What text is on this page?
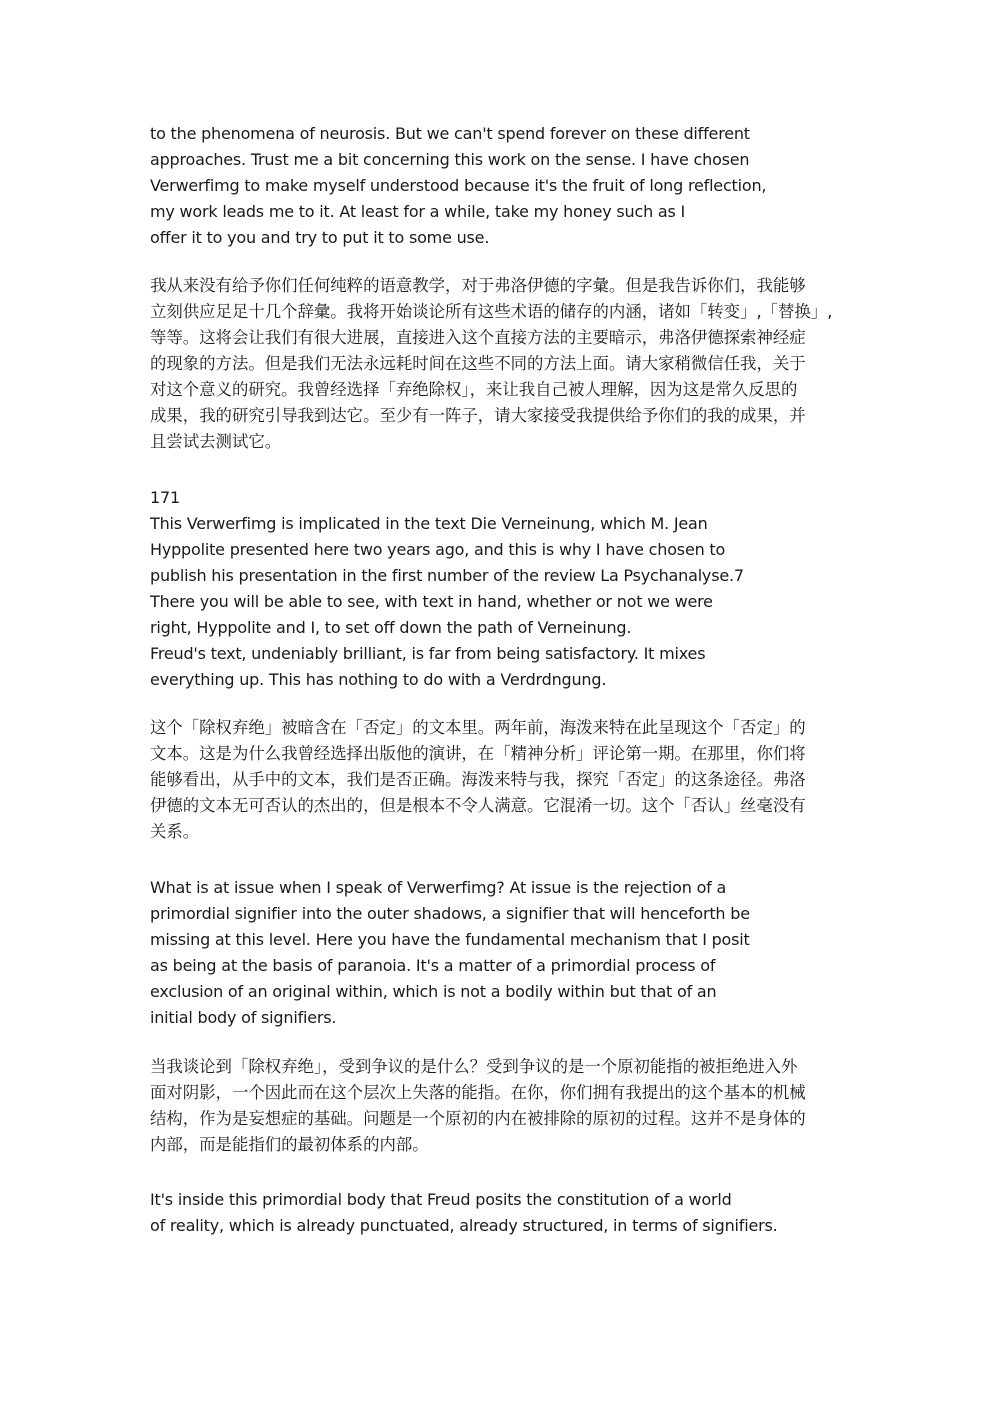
to the phenomena of neurosis. But we can't spend forever on these different
approaches. Trust me a bit concerning this work on the sense. I have chosen
Verwerfimg to make myself understood because it's the fruit of long reflection,
my work leads me to it. At least for a while, take my honey such as I
offer it to you and try to put it to some use.
我从来没有给予你们任何纯粹的语意教学，对于弗洛伊德的字彙。但是我告诉你们，我能够
立刻供应足足十几个辞彙。我将开始谈论所有这些术语的储存的内涵，诸如「转变」,「替换」,
等等。这将会让我们有很大进展，直接进入这个直接方法的主要暗示，弗洛伊德探索神经症
的现象的方法。但是我们无法永远耗时间在这些不同的方法上面。请大家稍微信任我，关于
对这个意义的研究。我曾经选择「弃绝除权」，来让我自己被人理解，因为这是常久反思的
成果，我的研究引导我到达它。至少有一阵子，请大家接受我提供给予你们的我的成果，并
且尝试去测试它。
171
This Verwerfimg is implicated in the text Die Verneinung, which M. Jean
Hyppolite presented here two years ago, and this is why I have chosen to
publish his presentation in the first number of the review La Psychanalyse.7
There you will be able to see, with text in hand, whether or not we were
right, Hyppolite and I, to set off down the path of Verneinung.
Freud's text, undeniably brilliant, is far from being satisfactory. It mixes
everything up. This has nothing to do with a Verdrdngung.
这个「除权弃绝」被暗含在「否定」的文本里。两年前，海泼来特在此呈现这个「否定」的
文本。这是为什么我曾经选择出版他的演讲，在「精神分析」评论第一期。在那里，你们将
能够看出，从手中的文本，我们是否正确。海泼来特与我，探究「否定」的这条途径。弗洛
伊德的文本无可否认的杰出的，但是根本不令人满意。它混淆一切。这个「否认」丝毫没有
关系。
What is at issue when I speak of Verwerfimg? At issue is the rejection of a
primordial signifier into the outer shadows, a signifier that will henceforth be
missing at this level. Here you have the fundamental mechanism that I posit
as being at the basis of paranoia. It's a matter of a primordial process of
exclusion of an original within, which is not a bodily within but that of an
initial body of signifiers.
当我谈论到「除权弃绝」，受到争议的是什么？受到争议的是一个原初能指的被拒绝进入外
面对阴影，一个因此而在这个层次上失落的能指。在你，你们拥有我提出的这个基本的机械
结构，作为是妄想症的基础。问题是一个原初的内在被排除的原初的过程。这并不是身体的
内部，而是能指们的最初体系的内部。
It's inside this primordial body that Freud posits the constitution of a world
of reality, which is already punctuated, already structured, in terms of signifiers.
